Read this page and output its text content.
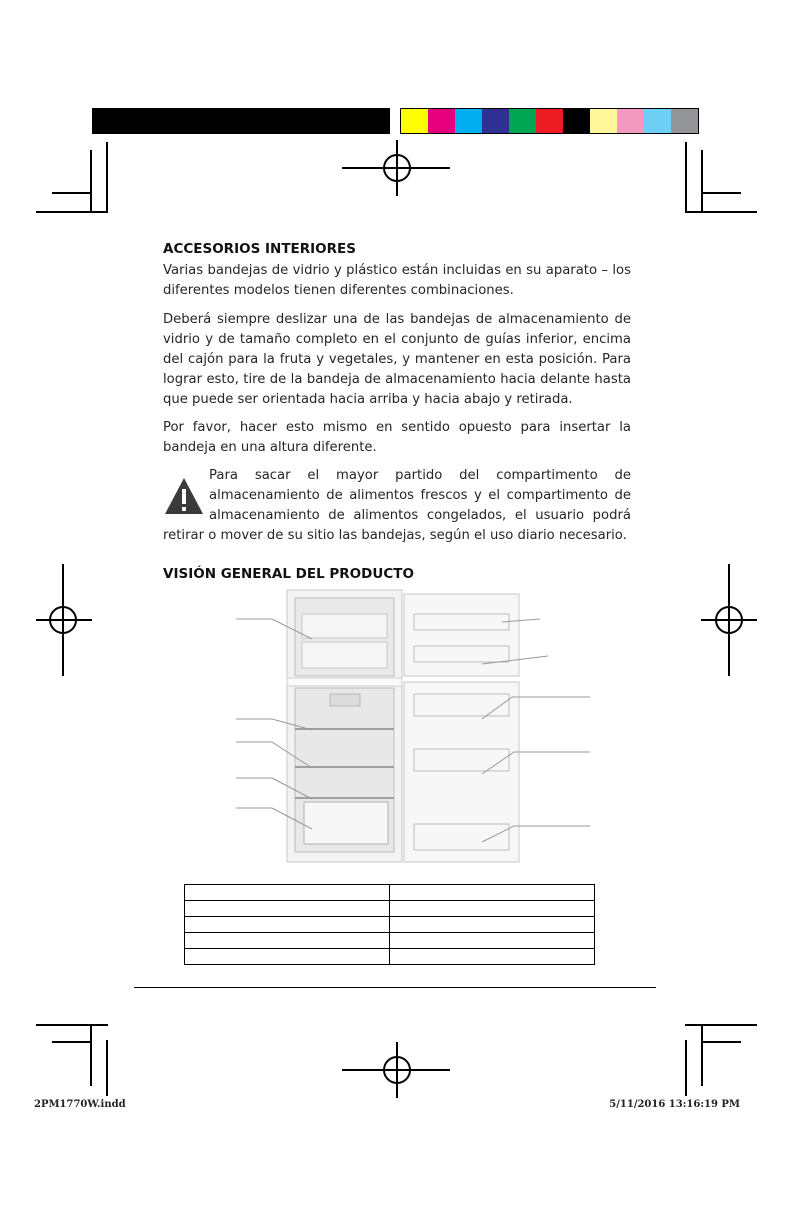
ACCESORIOS INTERIORES
Varias bandejas de vidrio y plástico están incluidas en su aparato – los diferentes modelos tienen diferentes combinaciones.
Deberá siempre deslizar una de las bandejas de almacenamiento de vidrio y de tamaño completo en el conjunto de guías inferior, encima del cajón para la fruta y vegetales, y mantener en esta posición. Para lograr esto, tire de la bandeja de almacenamiento hacia delante hasta que puede ser orientada hacia arriba y hacia abajo y retirada.
Por favor, hacer esto mismo en sentido opuesto para insertar la bandeja en una altura diferente.
Para sacar el mayor partido del compartimento de almacenamiento de alimentos frescos y el compartimento de almacenamiento de alimentos congelados, el usuario podrá retirar o mover de su sitio las bandejas, según el uso diario necesario.
VISIÓN GENERAL DEL PRODUCTO

2PM1770W.indd	5/11/2016 13:16:19 PM
